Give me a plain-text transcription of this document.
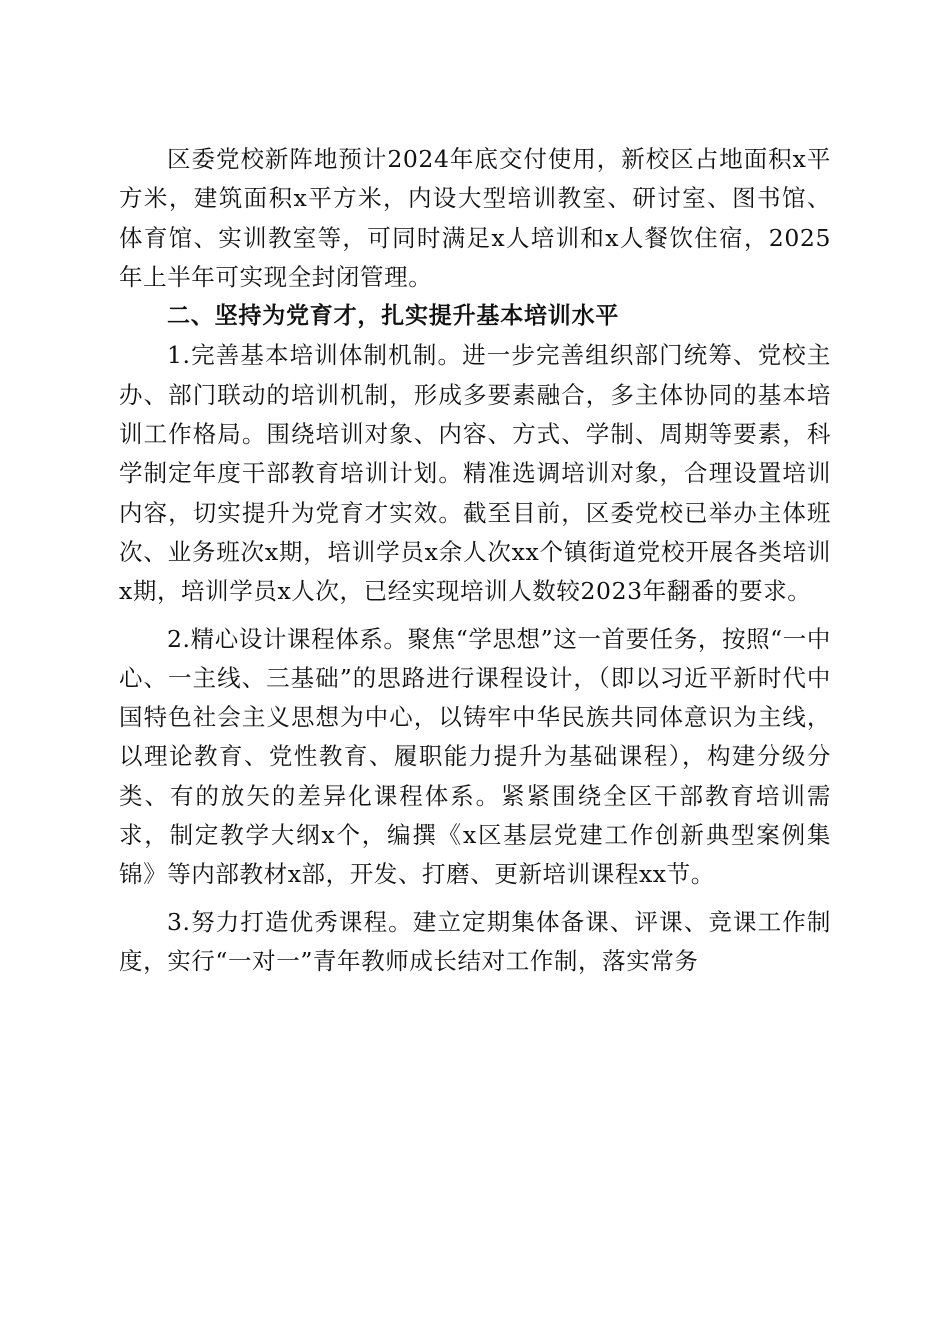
区委党校新阵地预计2024年底交付使用，新校区占地面积x平方米，建筑面积x平方米，内设大型培训教室、研讨室、图书馆、体育馆、实训教室等，可同时满足x人培训和x人餐饮住宿，2025年上半年可实现全封闭管理。

二、坚持为党育才，扎实提升基本培训水平

1.完善基本培训体制机制。进一步完善组织部门统筹、党校主办、部门联动的培训机制，形成多要素融合，多主体协同的基本培训工作格局。围绕培训对象、内容、方式、学制、周期等要素，科学制定年度干部教育培训计划。精准选调培训对象，合理设置培训内容，切实提升为党育才实效。截至目前，区委党校已举办主体班次、业务班次x期，培训学员x余人次xx个镇街道党校开展各类培训x期，培训学员x人次，已经实现培训人数较2023年翻番的要求。

2.精心设计课程体系。聚焦“学思想”这一首要任务，按照“一中心、一主线、三基础”的思路进行课程设计，（即以习近平新时代中国特色社会主义思想为中心，以铸牢中华民族共同体意识为主线，以理论教育、党性教育、履职能力提升为基础课程），构建分级分类、有的放矢的差异化课程体系。紧紧围绕全区干部教育培训需求，制定教学大纲x个，编撰《x区基层党建工作创新典型案例集锦》等内部教材x部，开发、打磨、更新培训课程xx节。

3.努力打造优秀课程。建立定期集体备课、评课、竞课工作制度，实行“一对一”青年教师成长结对工作制，落实常务
